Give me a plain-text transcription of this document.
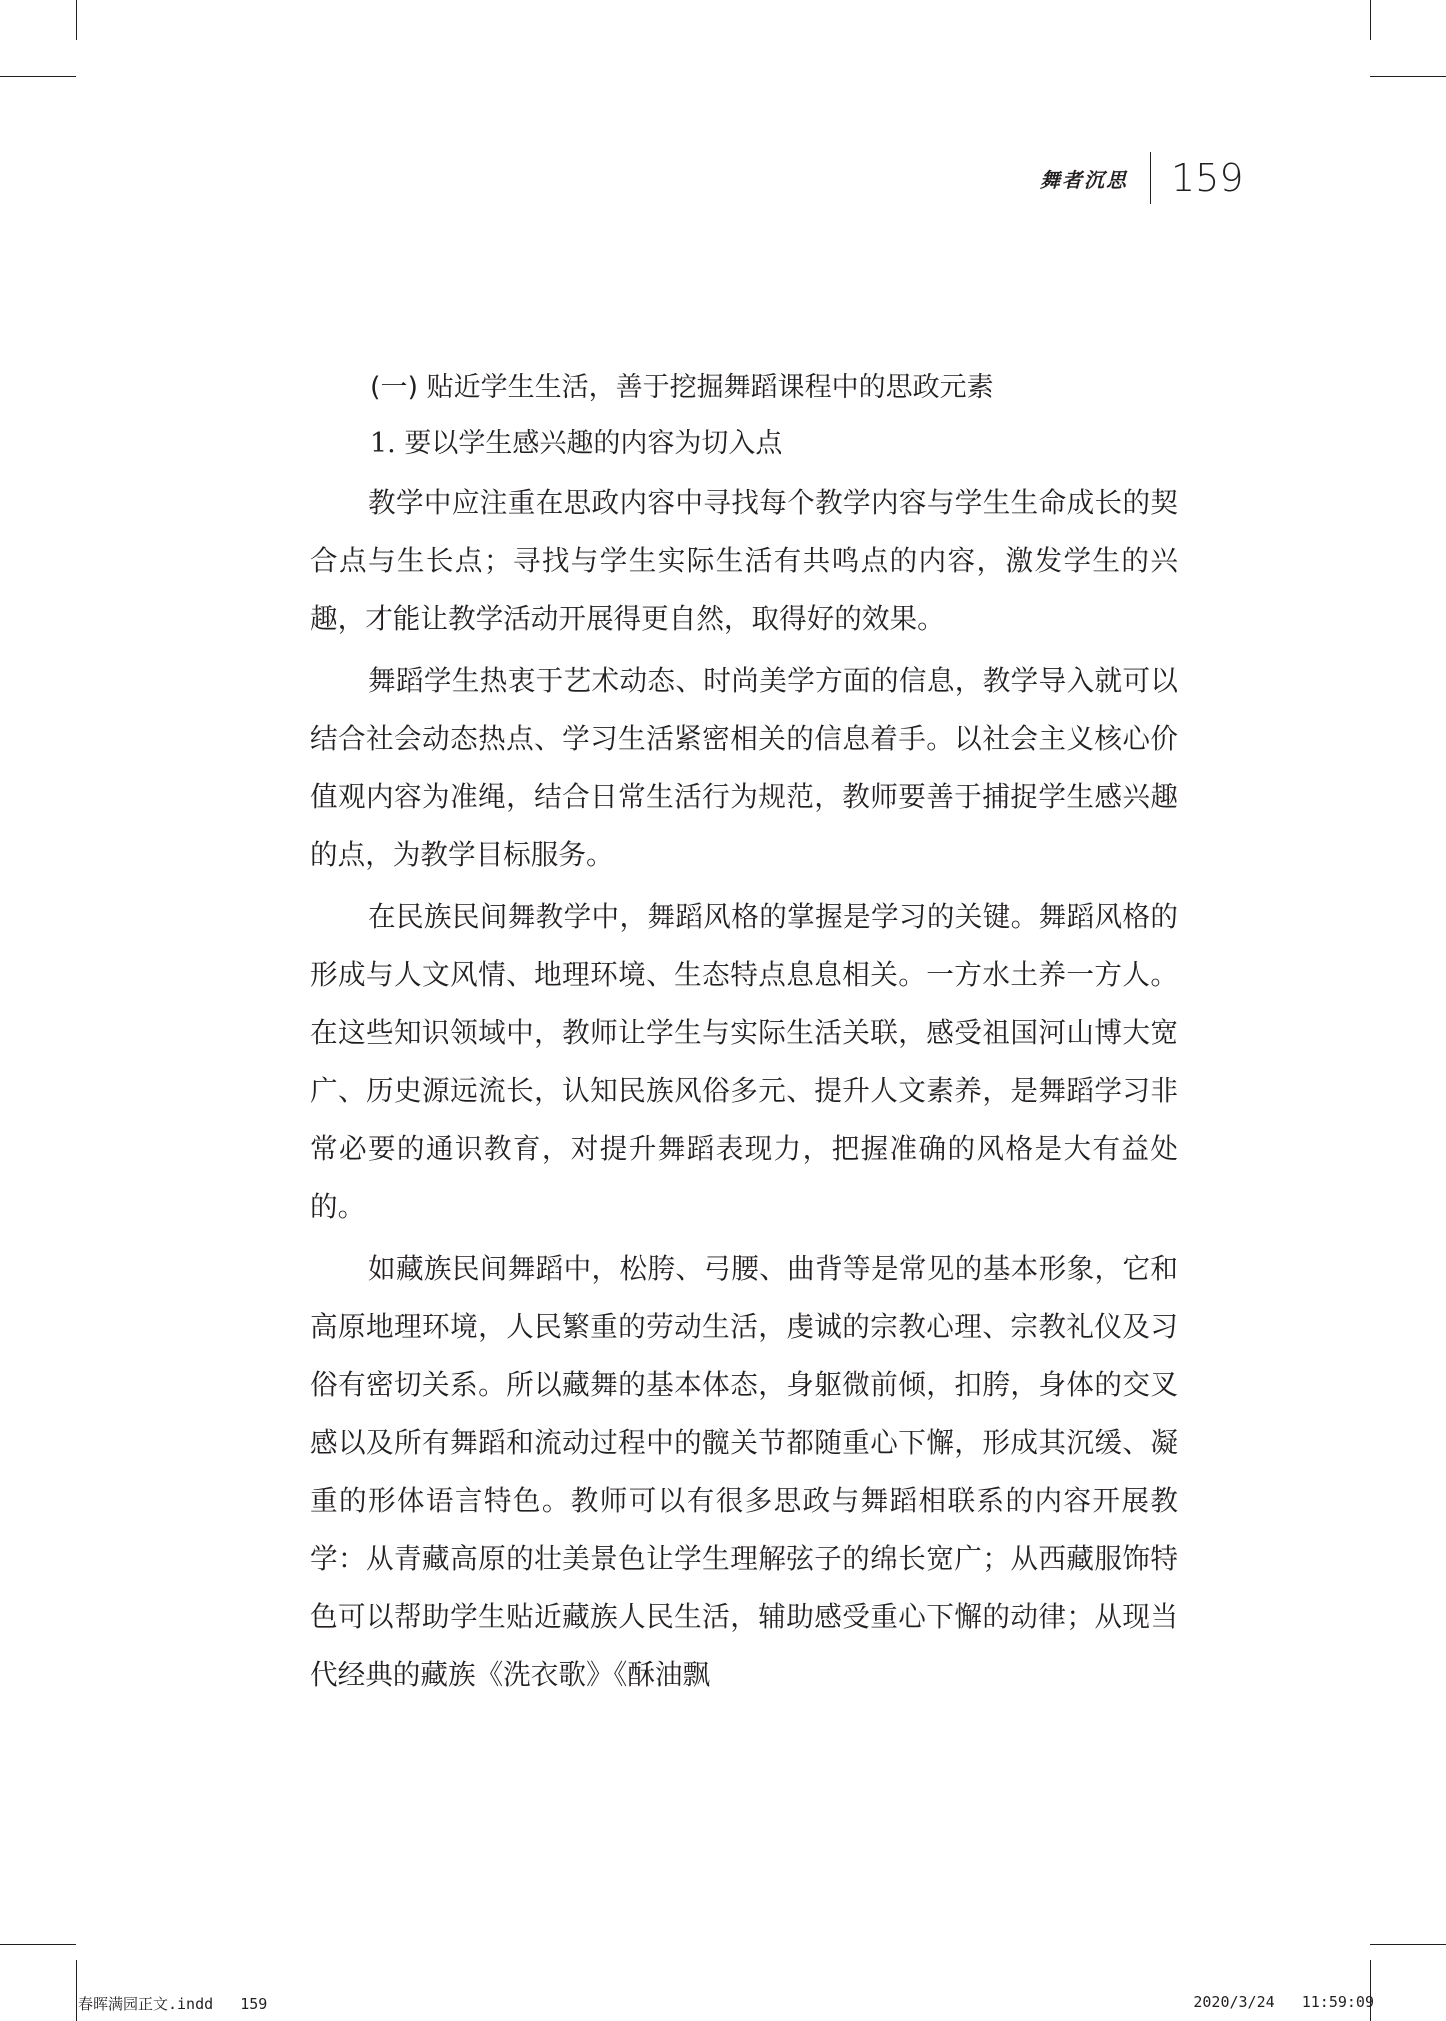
舞者沉思 159
(一) 贴近学生生活，善于挖掘舞蹈课程中的思政元素
1. 要以学生感兴趣的内容为切入点

教学中应注重在思政内容中寻找每个教学内容与学生生命成长的契合点与生长点；寻找与学生实际生活有共鸣点的内容，激发学生的兴趣，才能让教学活动开展得更自然，取得好的效果。

舞蹈学生热衷于艺术动态、时尚美学方面的信息，教学导入就可以结合社会动态热点、学习生活紧密相关的信息着手。以社会主义核心价值观内容为准绳，结合日常生活行为规范，教师要善于捕捉学生感兴趣的点，为教学目标服务。

在民族民间舞教学中，舞蹈风格的掌握是学习的关键。舞蹈风格的形成与人文风情、地理环境、生态特点息息相关。一方水土养一方人。在这些知识领域中，教师让学生与实际生活关联，感受祖国河山博大宽广、历史源远流长，认知民族风俗多元、提升人文素养，是舞蹈学习非常必要的通识教育，对提升舞蹈表现力，把握准确的风格是大有益处的。

如藏族民间舞蹈中，松胯、弓腰、曲背等是常见的基本形象，它和高原地理环境，人民繁重的劳动生活，虔诚的宗教心理、宗教礼仪及习俗有密切关系。所以藏舞的基本体态，身躯微前倾，扣胯，身体的交叉感以及所有舞蹈和流动过程中的髋关节都随重心下懈，形成其沉缓、凝重的形体语言特色。教师可以有很多思政与舞蹈相联系的内容开展教学：从青藏高原的壮美景色让学生理解弦子的绵长宽广；从西藏服饰特色可以帮助学生贴近藏族人民生活，辅助感受重心下懈的动律；从现当代经典的藏族《洗衣歌》《酥油飘

春晖满园正文.indd   159	2020/3/24   11:59:09
